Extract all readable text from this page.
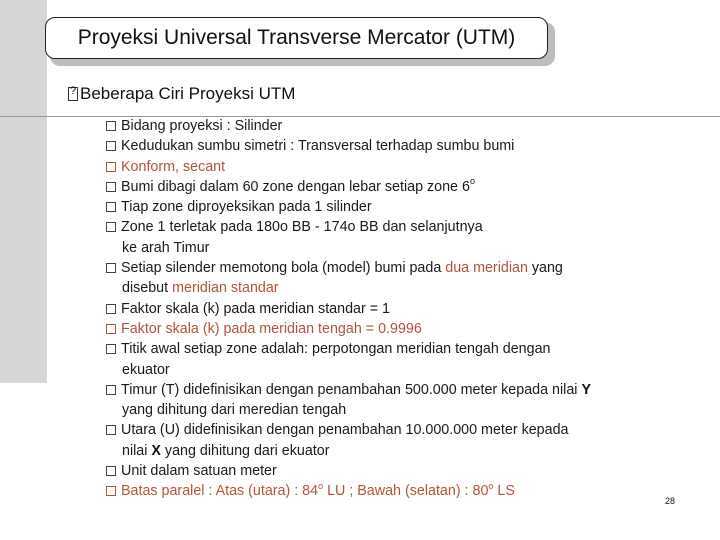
Proyeksi Universal Transverse Mercator (UTM)
?
Beberapa Ciri Proyeksi UTM
Bidang proyeksi : Silinder
Kedudukan sumbu simetri : Transversal terhadap sumbu bumi
Konform, secant
Bumi dibagi dalam 60 zone dengan lebar setiap zone 6$^o$
Tiap zone diproyeksikan pada 1 silinder
Zone 1 terletak pada 180o BB - 174o BB dan selanjutnya
ke arah Timur
Setiap silender memotong bola (model) bumi pada dua meridian yang
disebut meridian standar
Faktor skala (k) pada meridian standar = 1
Faktor skala (k) pada meridian tengah = 0.9996
Titik awal setiap zone adalah: perpotongan meridian tengah dengan
ekuator
Timur (T) didefinisikan dengan penambahan 500.000 meter kepada nilai Y
yang dihitung dari meredian tengah
Utara (U) didefinisikan dengan penambahan 10.000.000 meter kepada
nilai X yang dihitung dari ekuator
Unit dalam satuan meter
Batas paralel : Atas (utara) : 84$^o$ LU ; Bawah (selatan) : 80$^o$ LS
28
